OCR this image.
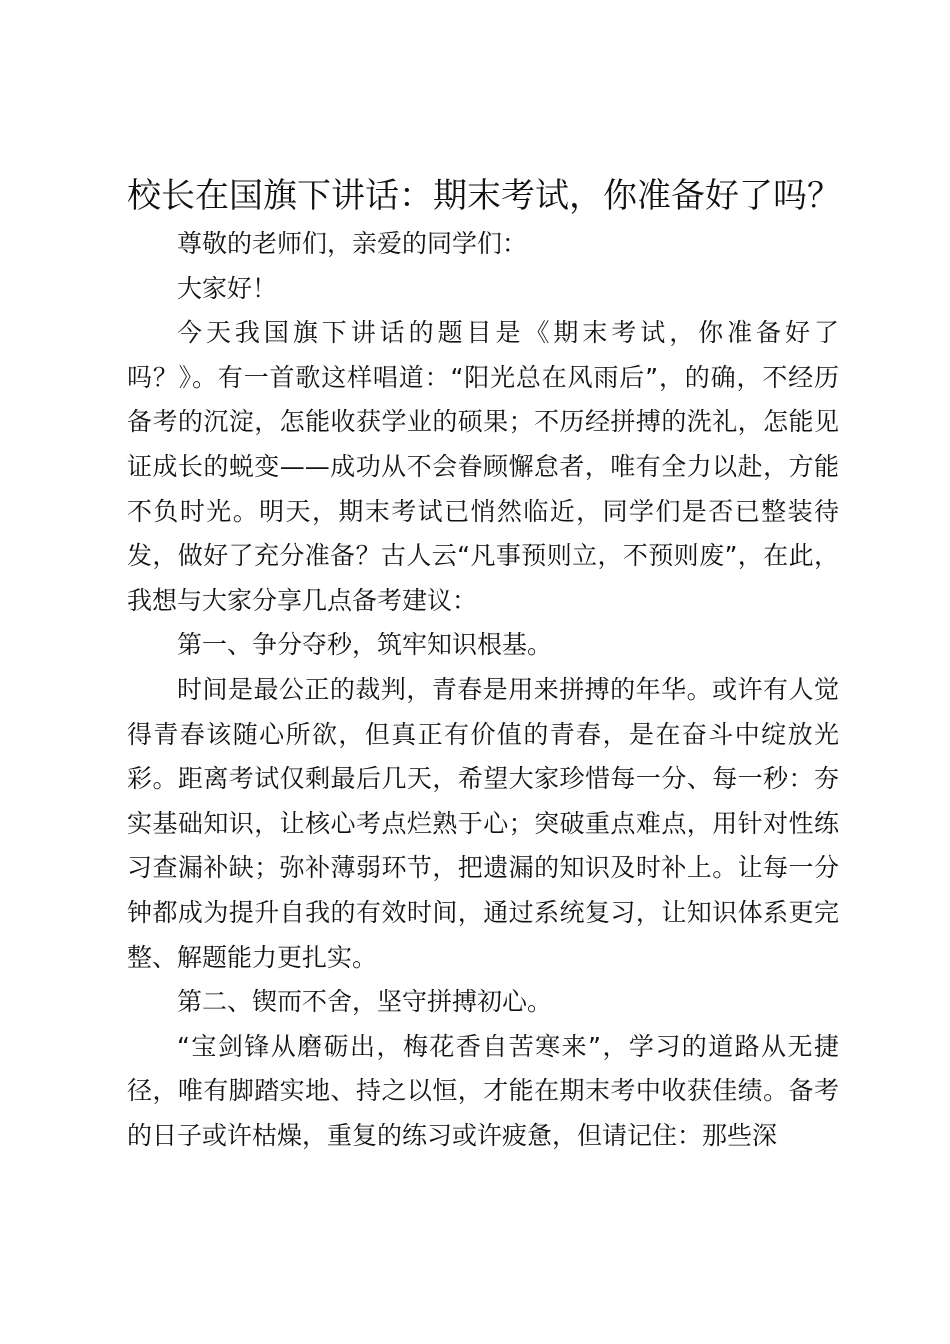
校长在国旗下讲话：期末考试，你准备好了吗？

尊敬的老师们，亲爱的同学们：

大家好！

今天我国旗下讲话的题目是《期末考试，你准备好了吗？》。有一首歌这样唱道：“阳光总在风雨后”，的确，不经历备考的沉淀，怎能收获学业的硕果；不历经拼搏的洗礼，怎能见证成长的蜕变——成功从不会眷顾懈怠者，唯有全力以赴，方能不负时光。明天，期末考试已悄然临近，同学们是否已整装待发，做好了充分准备？古人云“凡事预则立，不预则废”，在此，我想与大家分享几点备考建议：

第一、争分夺秒，筑牢知识根基。

时间是最公正的裁判，青春是用来拼搏的年华。或许有人觉得青春该随心所欲，但真正有价值的青春，是在奋斗中绽放光彩。距离考试仅剩最后几天，希望大家珍惜每一分、每一秒：夯实基础知识，让核心考点烂熟于心；突破重点难点，用针对性练习查漏补缺；弥补薄弱环节，把遗漏的知识及时补上。让每一分钟都成为提升自我的有效时间，通过系统复习，让知识体系更完整、解题能力更扎实。

第二、锲而不舍，坚守拼搏初心。

“宝剑锋从磨砺出，梅花香自苦寒来”，学习的道路从无捷径，唯有脚踏实地、持之以恒，才能在期末考中收获佳绩。备考的日子或许枯燥，重复的练习或许疲惫，但请记住：那些深
